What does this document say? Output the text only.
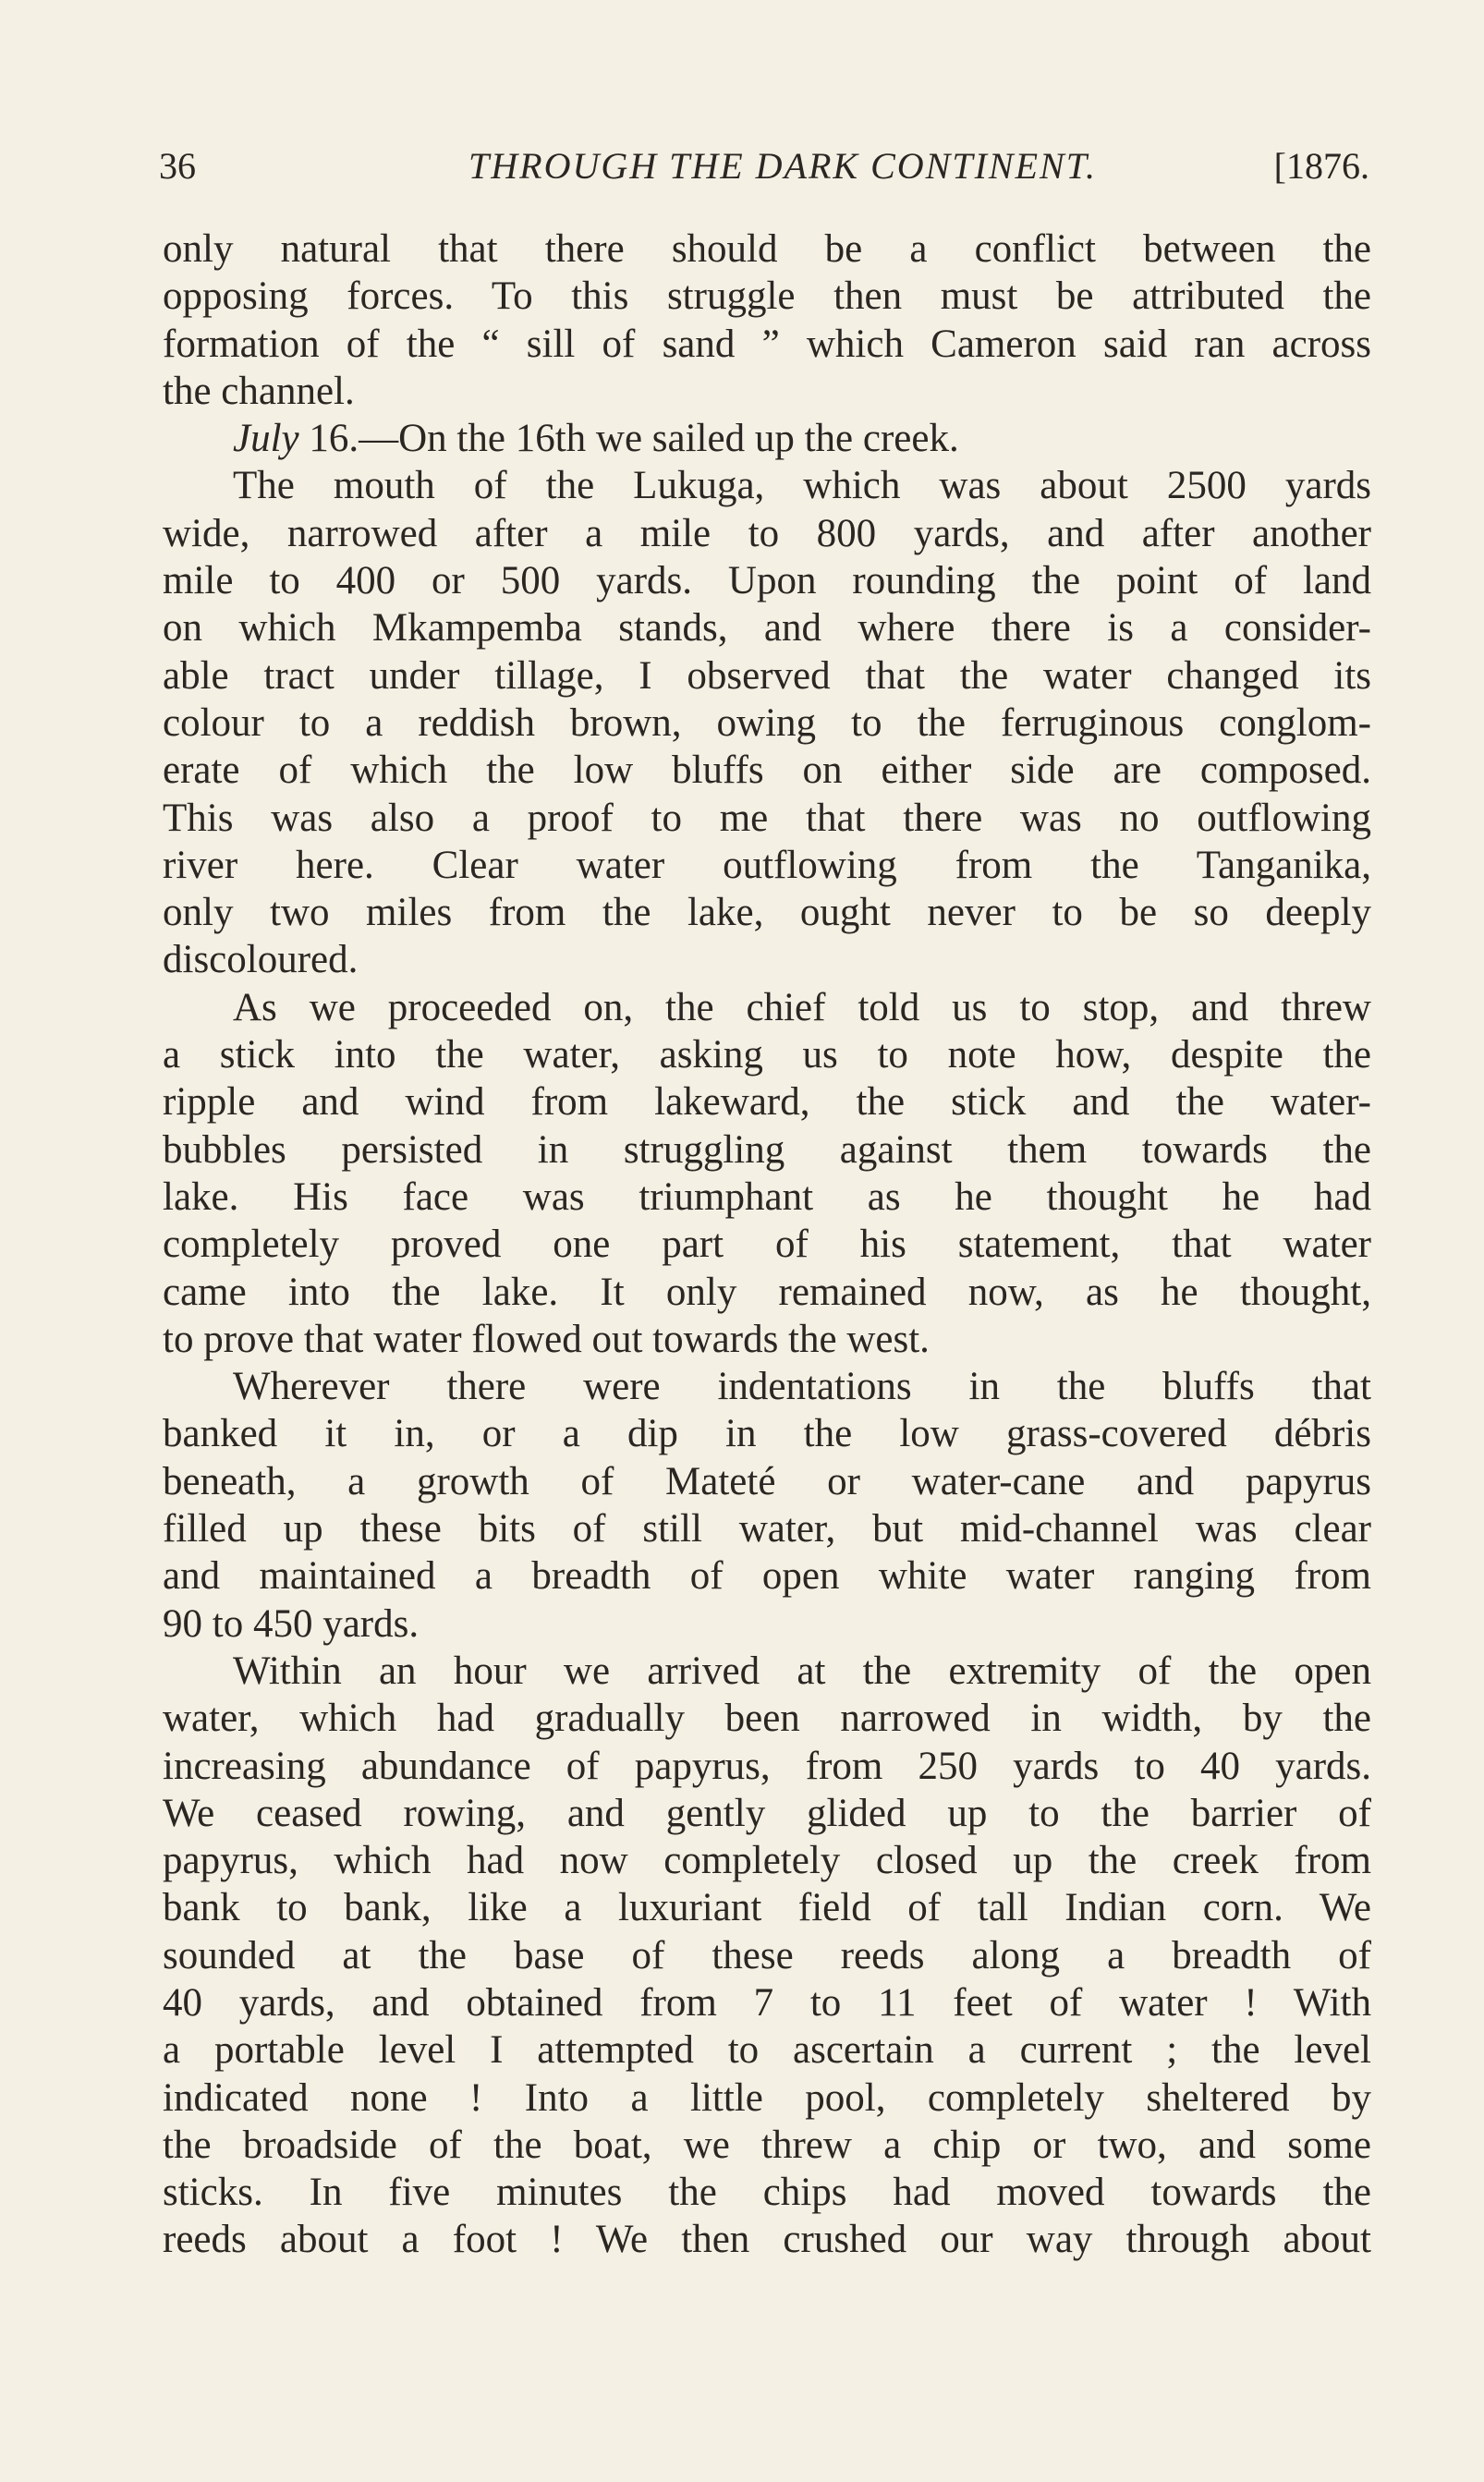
36	THROUGH THE DARK CONTINENT.	[1876.
only natural that there should be a conflict between the
opposing forces. To this struggle then must be attributed the
formation of the “ sill of sand ” which Cameron said ran across
the channel.
July 16.—On the 16th we sailed up the creek.
The mouth of the Lukuga, which was about 2500 yards
wide, narrowed after a mile to 800 yards, and after another
mile to 400 or 500 yards. Upon rounding the point of land
on which Mkampemba stands, and where there is a consider-
able tract under tillage, I observed that the water changed its
colour to a reddish brown, owing to the ferruginous conglom-
erate of which the low bluffs on either side are composed.
This was also a proof to me that there was no outflowing
river here. Clear water outflowing from the Tanganika,
only two miles from the lake, ought never to be so deeply
discoloured.
As we proceeded on, the chief told us to stop, and threw
a stick into the water, asking us to note how, despite the
ripple and wind from lakeward, the stick and the water-
bubbles persisted in struggling against them towards the
lake. His face was triumphant as he thought he had
completely proved one part of his statement, that water
came into the lake. It only remained now, as he thought,
to prove that water flowed out towards the west.
Wherever there were indentations in the bluffs that
banked it in, or a dip in the low grass-covered débris
beneath, a growth of Mateté or water-cane and papyrus
filled up these bits of still water, but mid-channel was clear
and maintained a breadth of open white water ranging from
90 to 450 yards.
Within an hour we arrived at the extremity of the open
water, which had gradually been narrowed in width, by the
increasing abundance of papyrus, from 250 yards to 40 yards.
We ceased rowing, and gently glided up to the barrier of
papyrus, which had now completely closed up the creek from
bank to bank, like a luxuriant field of tall Indian corn. We
sounded at the base of these reeds along a breadth of
40 yards, and obtained from 7 to 11 feet of water ! With
a portable level I attempted to ascertain a current ; the level
indicated none ! Into a little pool, completely sheltered by
the broadside of the boat, we threw a chip or two, and some
sticks. In five minutes the chips had moved towards the
reeds about a foot ! We then crushed our way through about
